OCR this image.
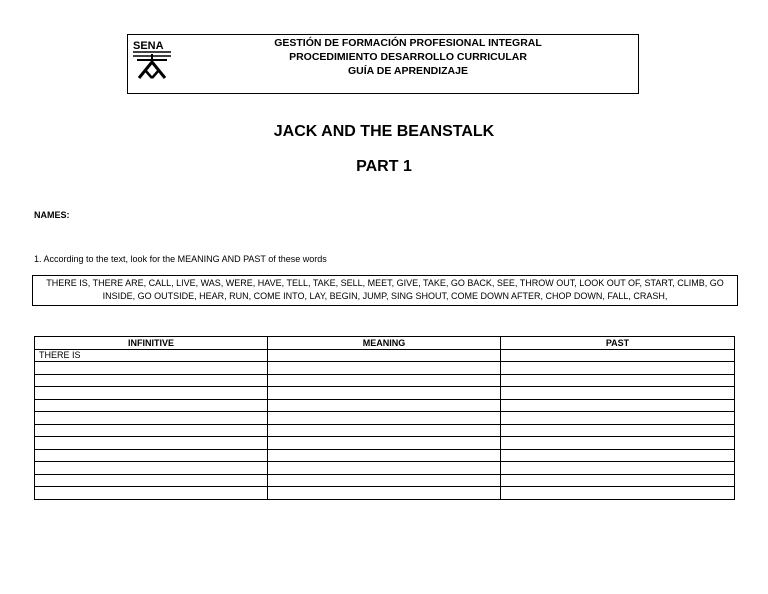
SENA	GESTIÓN DE FORMACIÓN PROFESIONAL INTEGRAL
PROCEDIMIENTO DESARROLLO CURRICULAR
GUÍA DE APRENDIZAJE
JACK AND THE BEANSTALK
PART 1
NAMES:
1. According to the text, look for the MEANING AND PAST of these words
THERE IS, THERE ARE, CALL, LIVE, WAS, WERE, HAVE, TELL, TAKE, SELL, MEET, GIVE, TAKE, GO BACK, SEE, THROW OUT, LOOK OUT OF, START, CLIMB, GO INSIDE, GO OUTSIDE, HEAR, RUN, COME INTO, LAY, BEGIN, JUMP, SING SHOUT, COME DOWN AFTER, CHOP DOWN, FALL, CRASH,
INFINITIVE	MEANING	PAST
THERE IS		
